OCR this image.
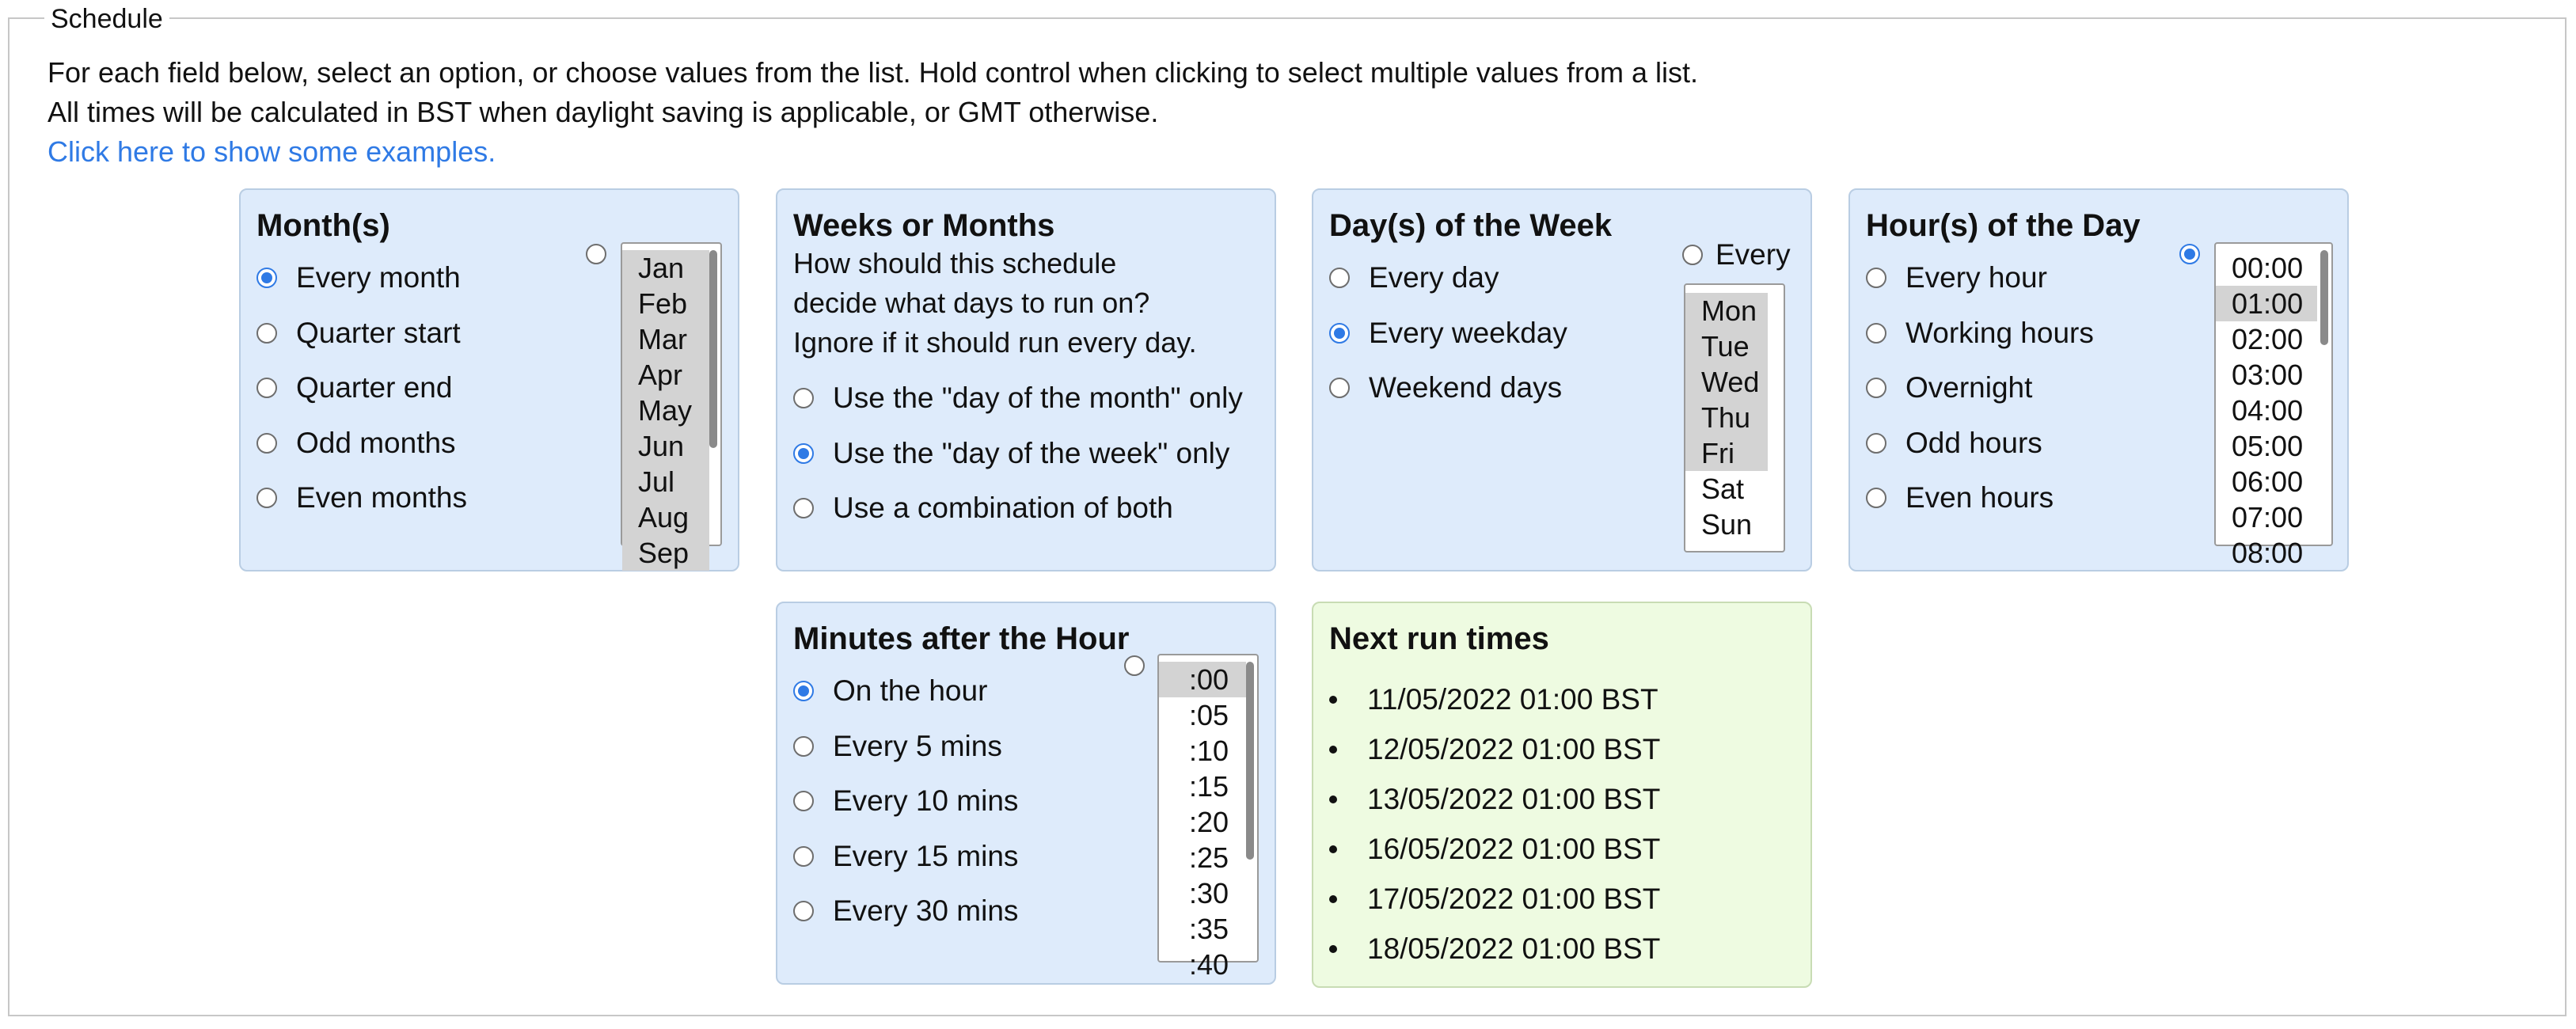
Schedule
For each field below, select an option, or choose values from the list. Hold control when clicking to select multiple values from a list.
All times will be calculated in BST when daylight saving is applicable, or GMT otherwise.
Click here to show some examples.
Month(s)
Every month
Quarter start
Quarter end
Odd months
Even months
Jan
Feb
Mar
Apr
May
Jun
Jul
Aug
Sep
Weeks or Months
How should this schedule
decide what days to run on?
Ignore if it should run every day.
Use the "day of the month" only
Use the "day of the week" only
Use a combination of both
Day(s) of the Week
Every day
Every weekday
Weekend days
Every
Mon
Tue
Wed
Thu
Fri
Sat
Sun
Hour(s) of the Day
Every hour
Working hours
Overnight
Odd hours
Even hours
00:00
01:00
02:00
03:00
04:00
05:00
06:00
07:00
08:00
Minutes after the Hour
On the hour
Every 5 mins
Every 10 mins
Every 15 mins
Every 30 mins
:00
:05
:10
:15
:20
:25
:30
:35
:40
Next run times
11/05/2022 01:00 BST
12/05/2022 01:00 BST
13/05/2022 01:00 BST
16/05/2022 01:00 BST
17/05/2022 01:00 BST
18/05/2022 01:00 BST
